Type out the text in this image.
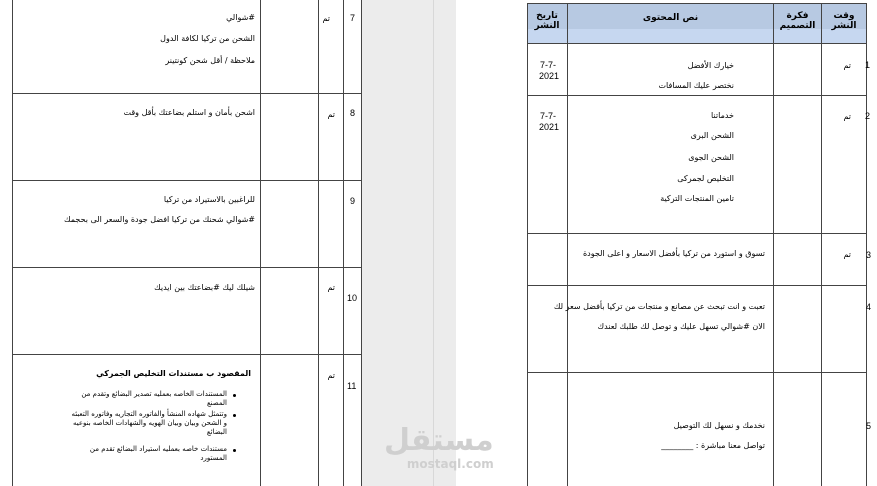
7
تم
#شوالي
الشحن من تركيا لكافة الدول
ملاحظة / أقل شحن كونتينر
8
تم
اشحن بأمان و استلم بضاعتك بأقل وقت
9
للراغبين بالاستيراد من تركيا
#شوالي شحنك من تركيا افضل جودة والسعر الى بحجمك
10
تم
شيلك ليك #بضاعتك بين ايديك
11
تم
المقصود ب مستندات التخليص الجمركي
المستندات الخاصه بعمليه تصدير البضائع وتقدم من
المصنع
وتتمثل شهاده المنشأ والفاتوره التجاريه وفاتوره التعبئه
و الشحن وبيان وبيان الهويه والشهادات الخاصه بنوعيه
البضائع
مستندات خاصه بعمليه استيراد البضائع تقدم من
المستورد
تاريخ النشر
نص المحتوى	فكرة التصميم
وقت النشر
1
تم
7-7-
2021
خيارك الأفضل
نختصر عليك المسافات
2
تم
7-7-
2021
خدماتنا
الشحن البرى
الشحن الجوى
التخليص لجمركى
تامين المنتجات التركية
3
تم
تسوق و استورد من تركيا بأفضل الاسعار و اعلى الجودة
4
تعبت و انت تبحث عن مصانع و منتجات من تركيا بأفضل سعر لك
الان #شوالي تسهل عليك و توصل لك طلبك لعندك
5
نخدمك و نسهل لك التوصيل
تواصل معنا مباشرة : ________
مستقل
mostaql.com
